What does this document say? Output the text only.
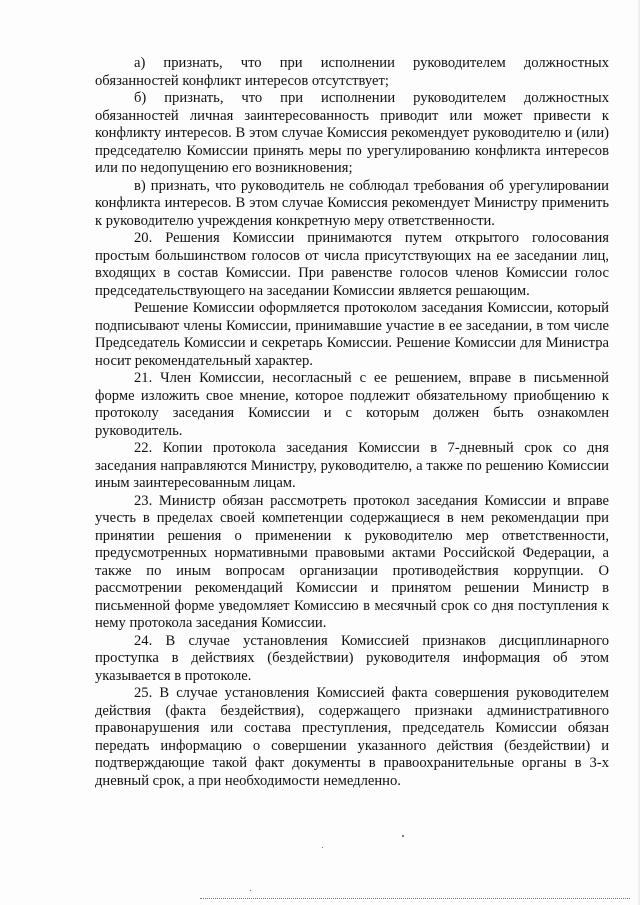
а) признать, что при исполнении руководителем должностных обязанностей конфликт интересов отсутствует;

б) признать, что при исполнении руководителем должностных обязанностей личная заинтересованность приводит или может привести к конфликту интересов. В этом случае Комиссия рекомендует руководителю и (или) председателю Комиссии принять меры по урегулированию конфликта интересов или по недопущению его возникновения;

в) признать, что руководитель не соблюдал требования об урегулировании конфликта интересов. В этом случае Комиссия рекомендует Министру применить к руководителю учреждения конкретную меру ответственности.

20. Решения Комиссии принимаются путем открытого голосования простым большинством голосов от числа присутствующих на ее заседании лиц, входящих в состав Комиссии. При равенстве голосов членов Комиссии голос председательствующего на заседании Комиссии является решающим.

Решение Комиссии оформляется протоколом заседания Комиссии, который подписывают члены Комиссии, принимавшие участие в ее заседании, в том числе Председатель Комиссии и секретарь Комиссии. Решение Комиссии для Министра носит рекомендательный характер.

21. Член Комиссии, несогласный с ее решением, вправе в письменной форме изложить свое мнение, которое подлежит обязательному приобщению к протоколу заседания Комиссии и с которым должен быть ознакомлен руководитель.

22. Копии протокола заседания Комиссии в 7-дневный срок со дня заседания направляются Министру, руководителю, а также по решению Комиссии иным заинтересованным лицам.

23. Министр обязан рассмотреть протокол заседания Комиссии и вправе учесть в пределах своей компетенции содержащиеся в нем рекомендации при принятии решения о применении к руководителю мер ответственности, предусмотренных нормативными правовыми актами Российской Федерации, а также по иным вопросам организации противодействия коррупции. О рассмотрении рекомендаций Комиссии и принятом решении Министр в письменной форме уведомляет Комиссию в месячный срок со дня поступления к нему протокола заседания Комиссии.

24. В случае установления Комиссией признаков дисциплинарного проступка в действиях (бездействии) руководителя информация об этом указывается в протоколе.

25. В случае установления Комиссией факта совершения руководителем действия (факта бездействия), содержащего признаки административного правонарушения или состава преступления, председатель Комиссии обязан передать информацию о совершении указанного действия (бездействии) и подтверждающие такой факт документы в правоохранительные органы в 3-х дневный срок, а при необходимости немедленно.
